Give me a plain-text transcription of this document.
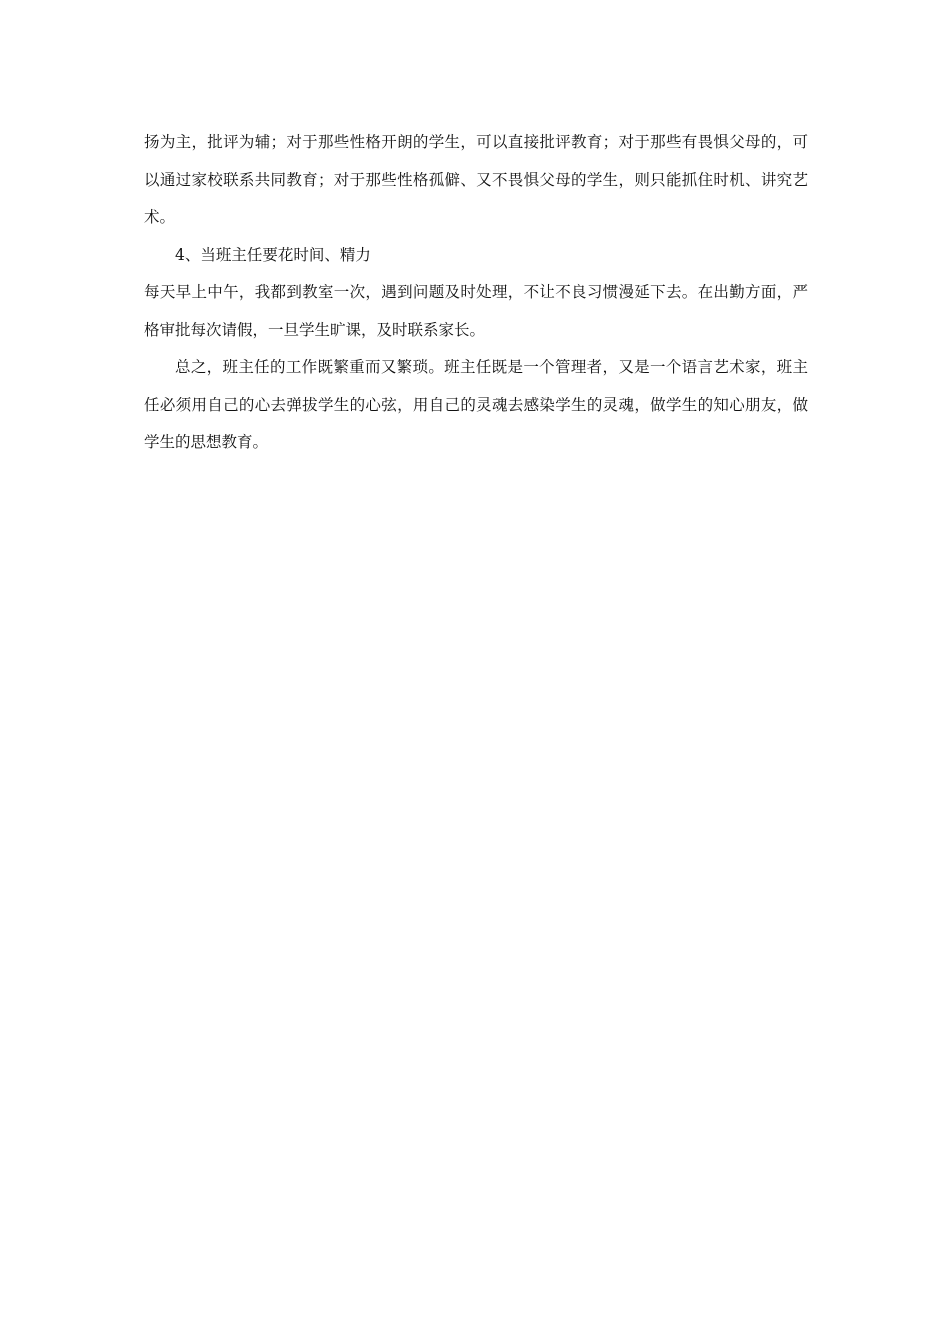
扬为主，批评为辅；对于那些性格开朗的学生，可以直接批评教育；对于那些有畏惧父母的，可以通过家校联系共同教育；对于那些性格孤僻、又不畏惧父母的学生，则只能抓住时机、讲究艺术。

4、当班主任要花时间、精力

每天早上中午，我都到教室一次，遇到问题及时处理，不让不良习惯漫延下去。在出勤方面，严格审批每次请假，一旦学生旷课，及时联系家长。

总之，班主任的工作既繁重而又繁琐。班主任既是一个管理者，又是一个语言艺术家，班主任必须用自己的心去弹拔学生的心弦，用自己的灵魂去感染学生的灵魂，做学生的知心朋友，做学生的思想教育。
